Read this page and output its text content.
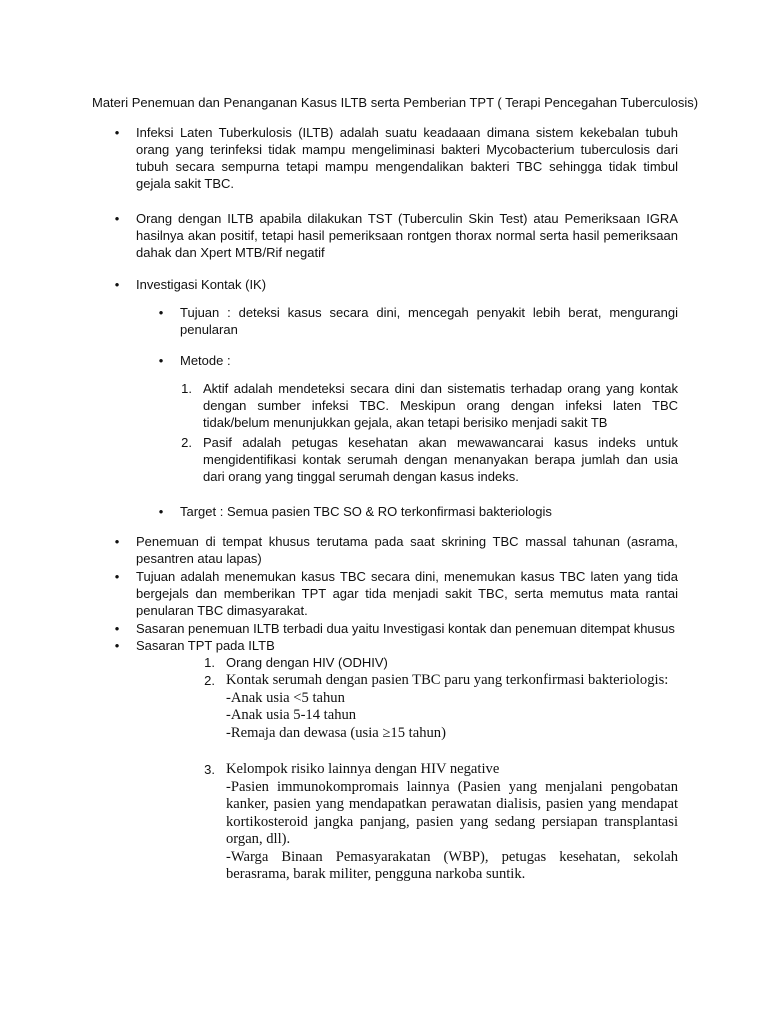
Materi Penemuan dan Penanganan Kasus ILTB serta Pemberian TPT ( Terapi Pencegahan Tuberculosis)
• Infeksi Laten Tuberkulosis (ILTB) adalah suatu keadaaan dimana sistem kekebalan tubuh orang yang terinfeksi tidak mampu mengeliminasi bakteri Mycobacterium tuberculosis dari tubuh secara sempurna tetapi mampu mengendalikan bakteri TBC sehingga tidak timbul gejala sakit TBC.
• Orang dengan ILTB apabila dilakukan TST (Tuberculin Skin Test) atau Pemeriksaan IGRA hasilnya akan positif, tetapi hasil pemeriksaan rontgen thorax normal serta hasil pemeriksaan dahak dan Xpert MTB/Rif negatif
• Investigasi Kontak (IK)
• Tujuan : deteksi kasus secara dini, mencegah penyakit lebih berat, mengurangi penularan
• Metode :
1. Aktif adalah mendeteksi secara dini dan sistematis terhadap orang yang kontak dengan sumber infeksi TBC. Meskipun orang dengan infeksi laten TBC tidak/belum menunjukkan gejala, akan tetapi berisiko menjadi sakit TB
2. Pasif adalah petugas kesehatan akan mewawancarai kasus indeks untuk mengidentifikasi kontak serumah dengan menanyakan berapa jumlah dan usia dari orang yang tinggal serumah dengan kasus indeks.
• Target : Semua pasien TBC SO & RO terkonfirmasi bakteriologis
• Penemuan di tempat khusus terutama pada saat skrining TBC massal tahunan (asrama, pesantren atau lapas)
• Tujuan adalah menemukan kasus TBC secara dini, menemukan kasus TBC laten yang tida bergejals dan memberikan TPT agar tida menjadi sakit TBC, serta memutus mata rantai penularan TBC dimasyarakat.
• Sasaran penemuan ILTB terbadi dua yaitu Investigasi kontak dan penemuan ditempat khusus
• Sasaran TPT pada ILTB
1. Orang dengan HIV (ODHIV)
2. Kontak serumah dengan pasien TBC paru yang terkonfirmasi bakteriologis:
-Anak usia <5 tahun
-Anak usia 5-14 tahun
-Remaja dan dewasa (usia ≥15 tahun)
3. Kelompok risiko lainnya dengan HIV negative
-Pasien immunokompromais lainnya (Pasien yang menjalani pengobatan kanker, pasien yang mendapatkan perawatan dialisis, pasien yang mendapat kortikosteroid jangka panjang, pasien yang sedang persiapan transplantasi organ, dll).
-Warga Binaan Pemasyarakatan (WBP), petugas kesehatan, sekolah berasrama, barak militer, pengguna narkoba suntik.
